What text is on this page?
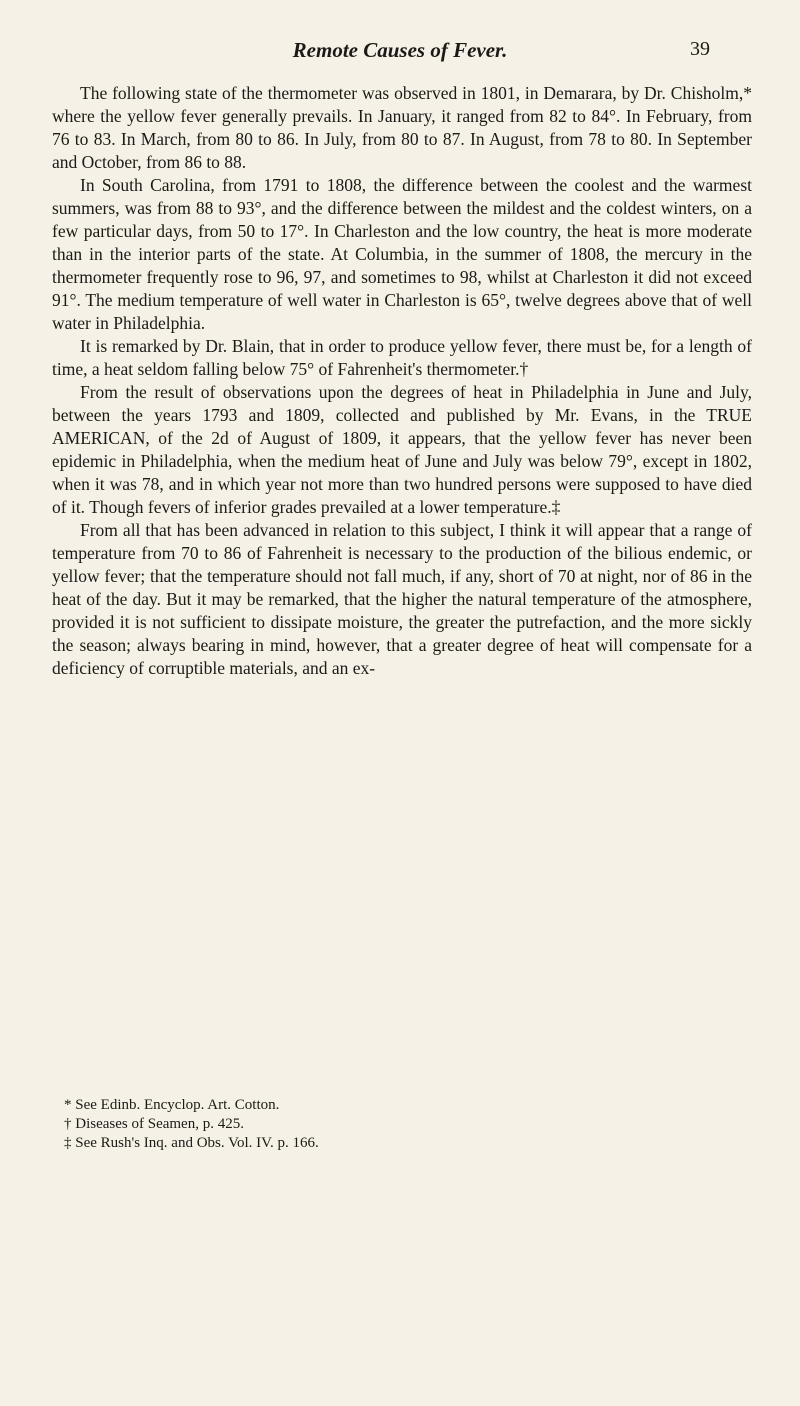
Remote Causes of Fever.	39

The following state of the thermometer was observed in 1801, in Demarara, by Dr. Chisholm,* where the yellow fever generally prevails. In January, it ranged from 82 to 84°. In February, from 76 to 83. In March, from 80 to 86. In July, from 80 to 87. In August, from 78 to 80. In September and October, from 86 to 88.

In South Carolina, from 1791 to 1808, the difference between the coolest and the warmest summers, was from 88 to 93°, and the difference between the mildest and the coldest winters, on a few particular days, from 50 to 17°. In Charleston and the low country, the heat is more moderate than in the interior parts of the state. At Columbia, in the summer of 1808, the mercury in the thermometer frequently rose to 96, 97, and sometimes to 98, whilst at Charleston it did not exceed 91°. The medium temperature of well water in Charleston is 65°, twelve degrees above that of well water in Philadelphia.

It is remarked by Dr. Blain, that in order to produce yellow fever, there must be, for a length of time, a heat seldom falling below 75° of Fahrenheit's thermometer.†

From the result of observations upon the degrees of heat in Philadelphia in June and July, between the years 1793 and 1809, collected and published by Mr. Evans, in the TRUE AMERICAN, of the 2d of August of 1809, it appears, that the yellow fever has never been epidemic in Philadelphia, when the medium heat of June and July was below 79°, except in 1802, when it was 78, and in which year not more than two hundred persons were supposed to have died of it. Though fevers of inferior grades prevailed at a lower temperature.‡

From all that has been advanced in relation to this subject, I think it will appear that a range of temperature from 70 to 86 of Fahrenheit is necessary to the production of the bilious endemic, or yellow fever; that the temperature should not fall much, if any, short of 70 at night, nor of 86 in the heat of the day. But it may be remarked, that the higher the natural temperature of the atmosphere, provided it is not sufficient to dissipate moisture, the greater the putrefaction, and the more sickly the season; always bearing in mind, however, that a greater degree of heat will compensate for a deficiency of corruptible materials, and an ex-

* See Edinb. Encyclop. Art. Cotton.
† Diseases of Seamen, p. 425.
‡ See Rush's Inq. and Obs. Vol. IV. p. 166.
